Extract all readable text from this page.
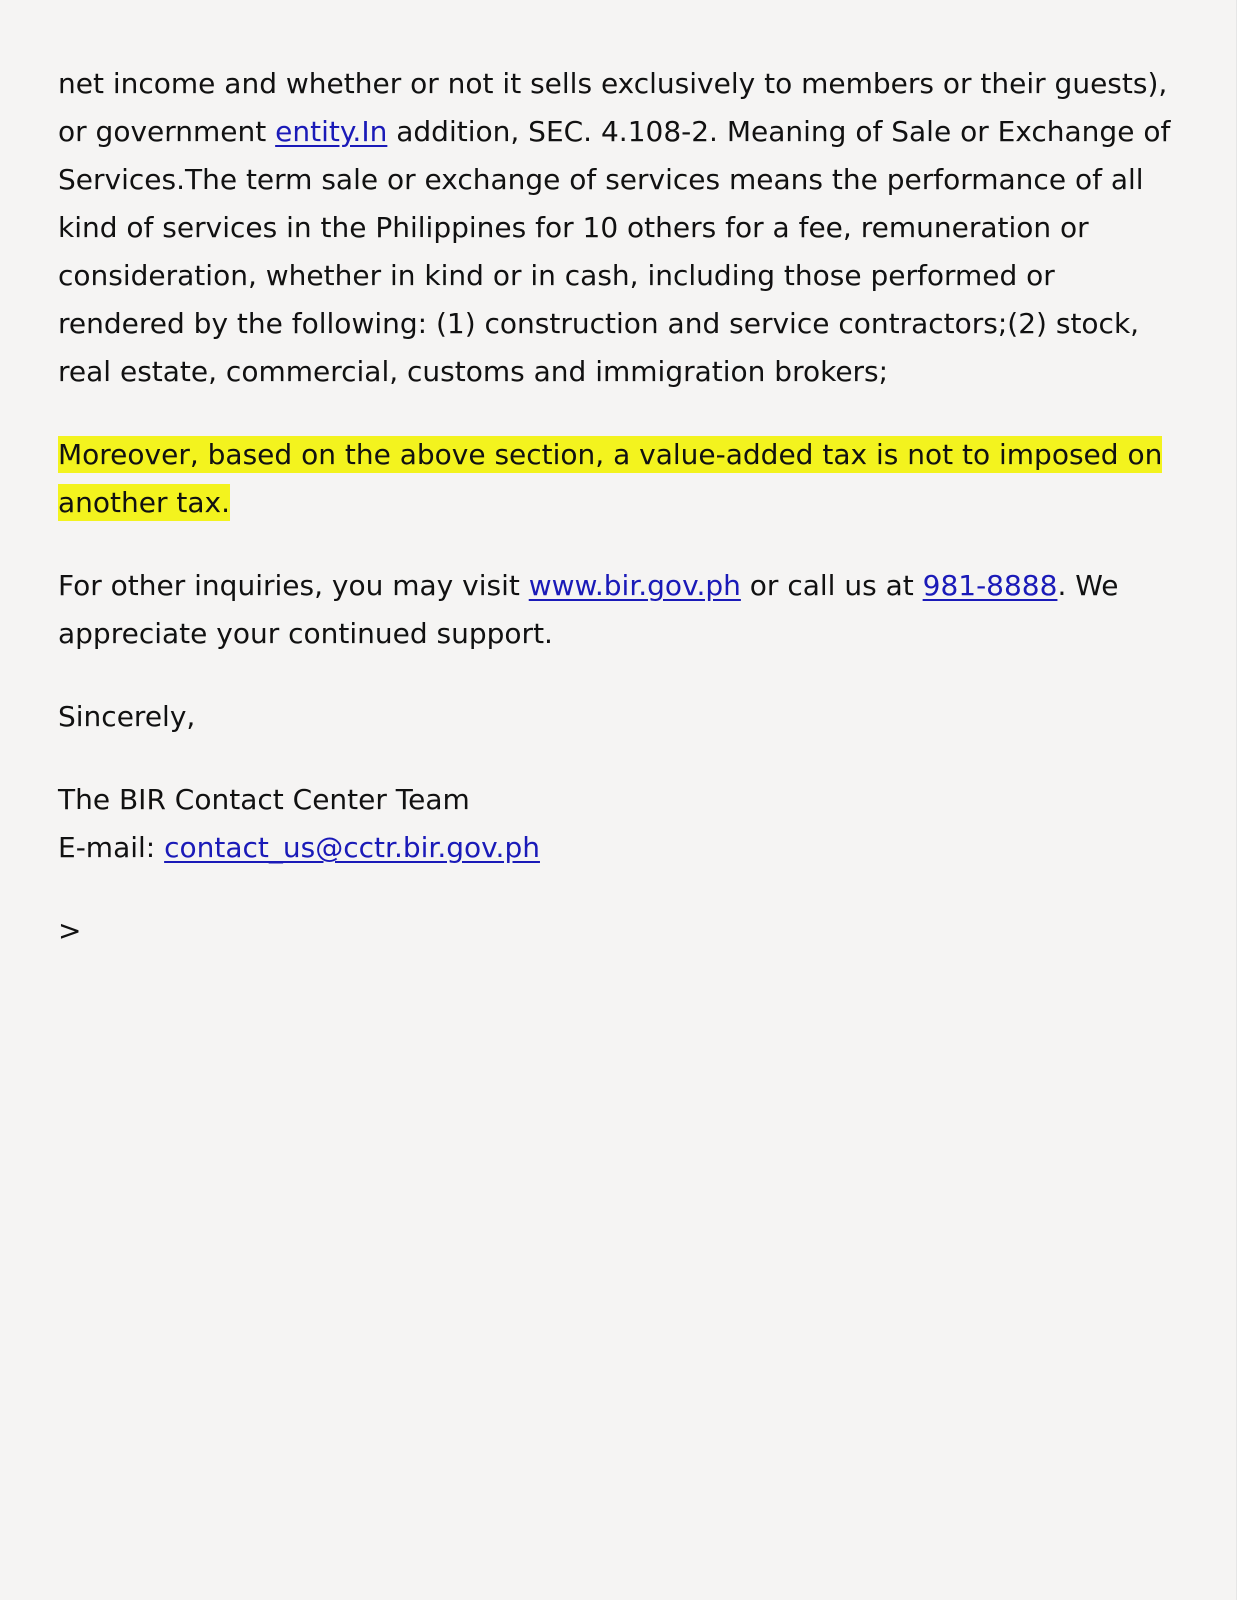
net income and whether or not it sells exclusively to members or their guests), or government entity.In addition, SEC. 4.108-2. Meaning of Sale or Exchange of Services.The term sale or exchange of services means the performance of all kind of services in the Philippines for 10 others for a fee, remuneration or consideration, whether in kind or in cash, including those performed or rendered by the following: (1) construction and service contractors;(2) stock, real estate, commercial, customs and immigration brokers;

Moreover, based on the above section, a value-added tax is not to imposed on another tax.

For other inquiries, you may visit www.bir.gov.ph or call us at 981-8888. We appreciate your continued support.

Sincerely,

The BIR Contact Center Team

E-mail: contact_us@cctr.bir.gov.ph

>
